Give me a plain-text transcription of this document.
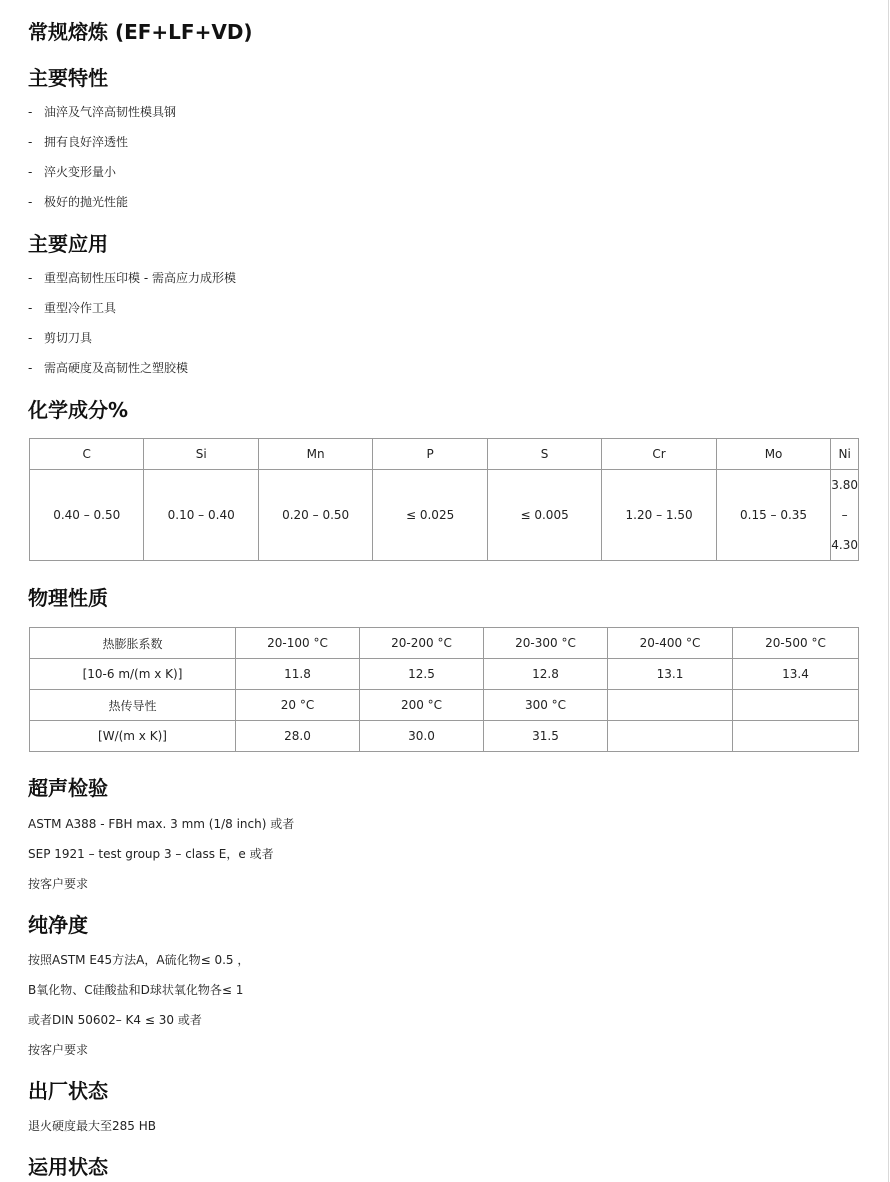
常规熔炼 (EF+LF+VD)
主要特性
- 油淬及气淬高韧性模具钢
- 拥有良好淬透性
- 淬火变形量小
- 极好的抛光性能
主要应用
- 重型高韧性压印模 - 需高应力成形模
- 重型冷作工具
- 剪切刀具
- 需高硬度及高韧性之塑胶模
化学成分%
C	Si	Mn	P	S	Cr	Mo	Ni
0.40 – 0.50	0.10 – 0.40	0.20 – 0.50	≤ 0.025	≤ 0.005	1.20 – 1.50	0.15 – 0.35	3.80
–
4.30
物理性质
热膨胀系数	20-100 °C	20-200 °C	20-300 °C	20-400 °C	20-500 °C
[10-6 m/(m x K)]	11.8	12.5	12.8	13.1	13.4
热传导性	20 °C	200 °C	300 °C		
[W/(m x K)]	28.0	30.0	31.5		
超声检验
ASTM A388 - FBH max. 3 mm (1/8 inch) 或者
SEP 1921 – test group 3 – class E，e 或者
按客户要求
纯净度
按照ASTM E45方法A，A硫化物≤ 0.5 ，
B氧化物、C硅酸盐和D球状氧化物各≤ 1
或者DIN 50602– K4 ≤ 30 或者
按客户要求
出厂状态
退火硬度最大至285 HB
运用状态
